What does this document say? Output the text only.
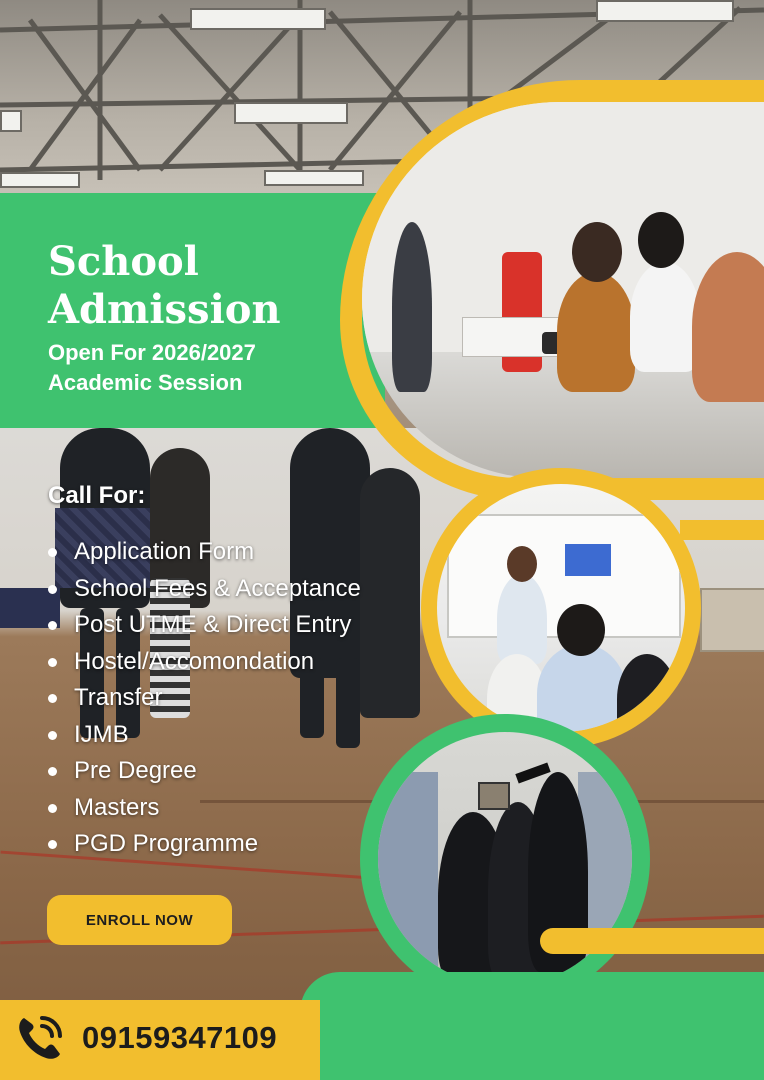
School
Admission

Open For 2026/2027
Academic Session

Call For:
Application Form
School Fees & Acceptance
Post UTME & Direct Entry
Hostel/Accomondation
Transfer
IJMB
Pre Degree
Masters
PGD Programme
ENROLL NOW
09159347109
